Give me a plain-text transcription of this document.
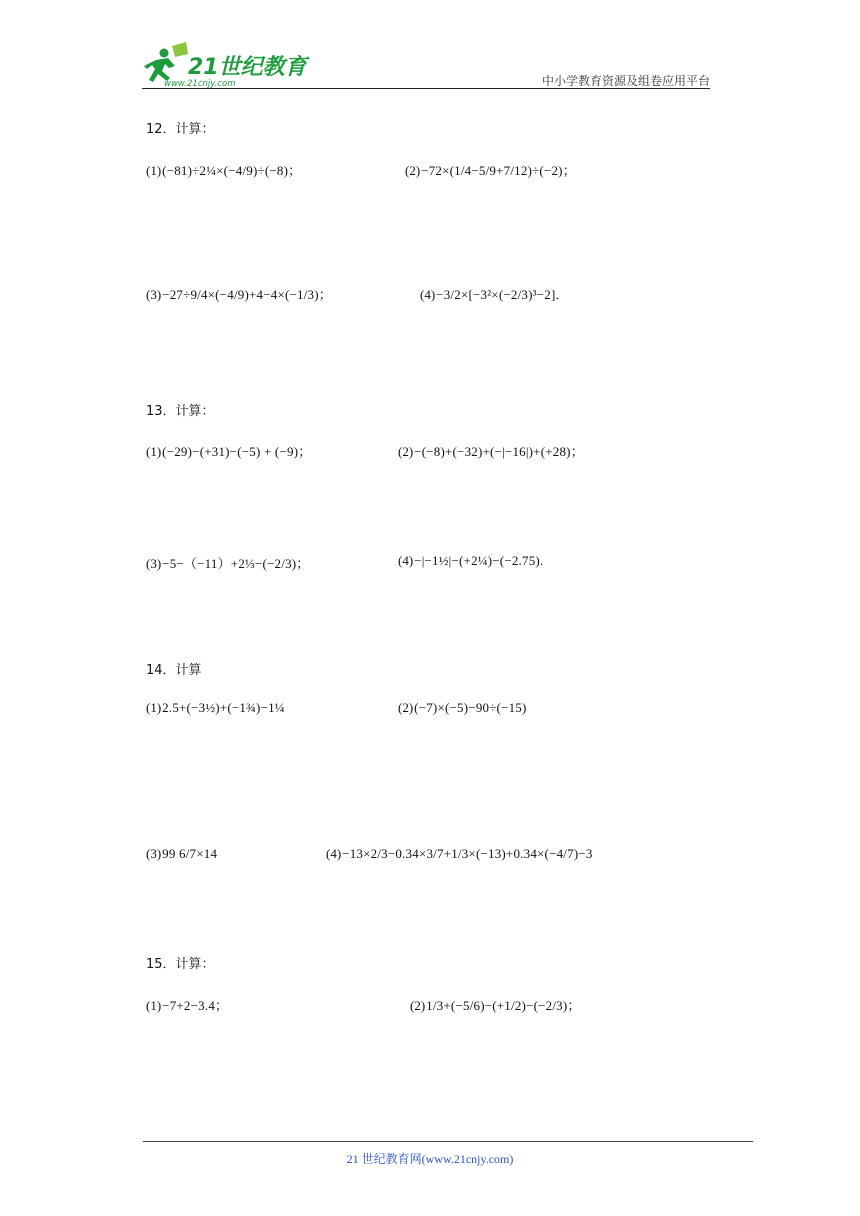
21世纪教育
www.21cnjy.com	中小学教育资源及组卷应用平台
12．计算：
(1)(−81)÷2¼×(−4/9)÷(−8)；	(2)−72×(1/4−5/9+7/12)÷(−2)；
(3)−27÷9/4×(−4/9)+4−4×(−1/3)；	(4)−3/2×[−3²×(−2/3)³−2]．
13．计算：
(1)(−29)−(+31)−(−5) + (−9)；	(2)−(−8)+(−32)+(−|−16|)+(+28)；
(3)−5−（−11）+2⅓−(−2/3)；	(4)−|−1½|−(+2¼)−(−2.75).
14．计算
(1)2.5+(−3½)+(−1¾)−1¼	(2)(−7)×(−5)−90÷(−15)
(3)99 6/7×14	(4)−13×2/3−0.34×3/7+1/3×(−13)+0.34×(−4/7)−3
15．计算：
(1)−7+2−3.4；	(2)1/3+(−5/6)−(+1/2)−(−2/3)；
21 世纪教育网(www.21cnjy.com)
